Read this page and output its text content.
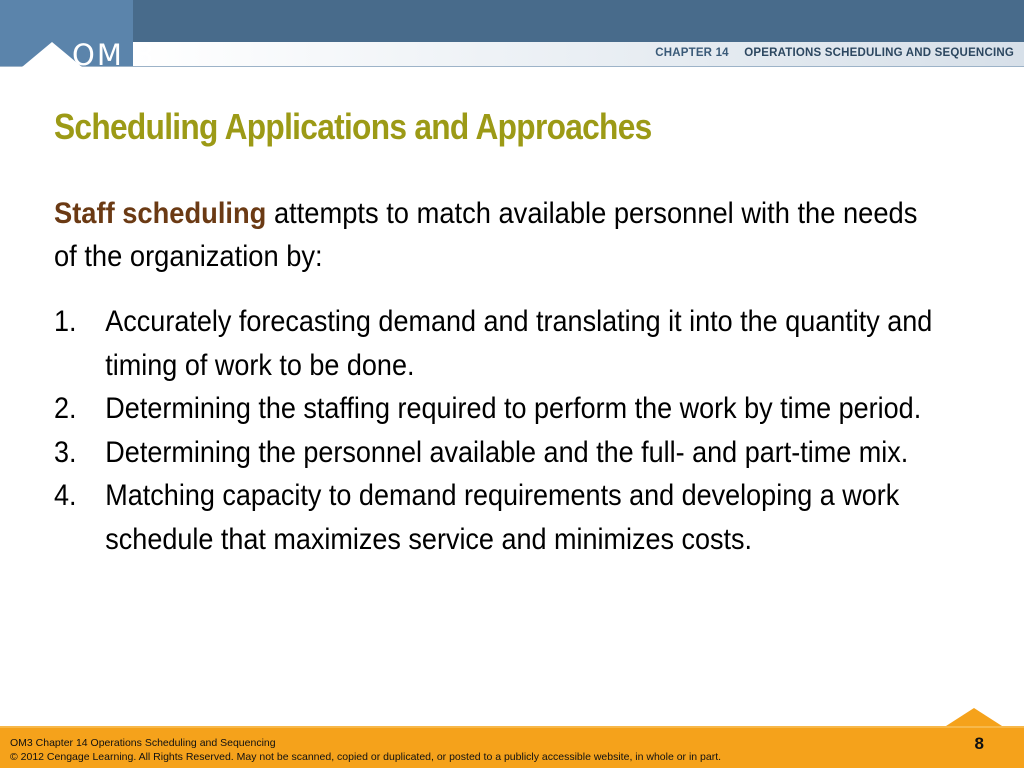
OM 3	CHAPTER 14 OPERATIONS SCHEDULING AND SEQUENCING
Scheduling Applications and Approaches

Staff scheduling attempts to match available personnel with the needs of the organization by:

1. Accurately forecasting demand and translating it into the quantity and timing of work to be done.
2. Determining the staffing required to perform the work by time period.
3. Determining the personnel available and the full- and part-time mix.
4. Matching capacity to demand requirements and developing a work schedule that maximizes service and minimizes costs.
OM3 Chapter 14 Operations Scheduling and Sequencing
© 2012 Cengage Learning. All Rights Reserved. May not be scanned, copied or duplicated, or posted to a publicly accessible website, in whole or in part.
8
